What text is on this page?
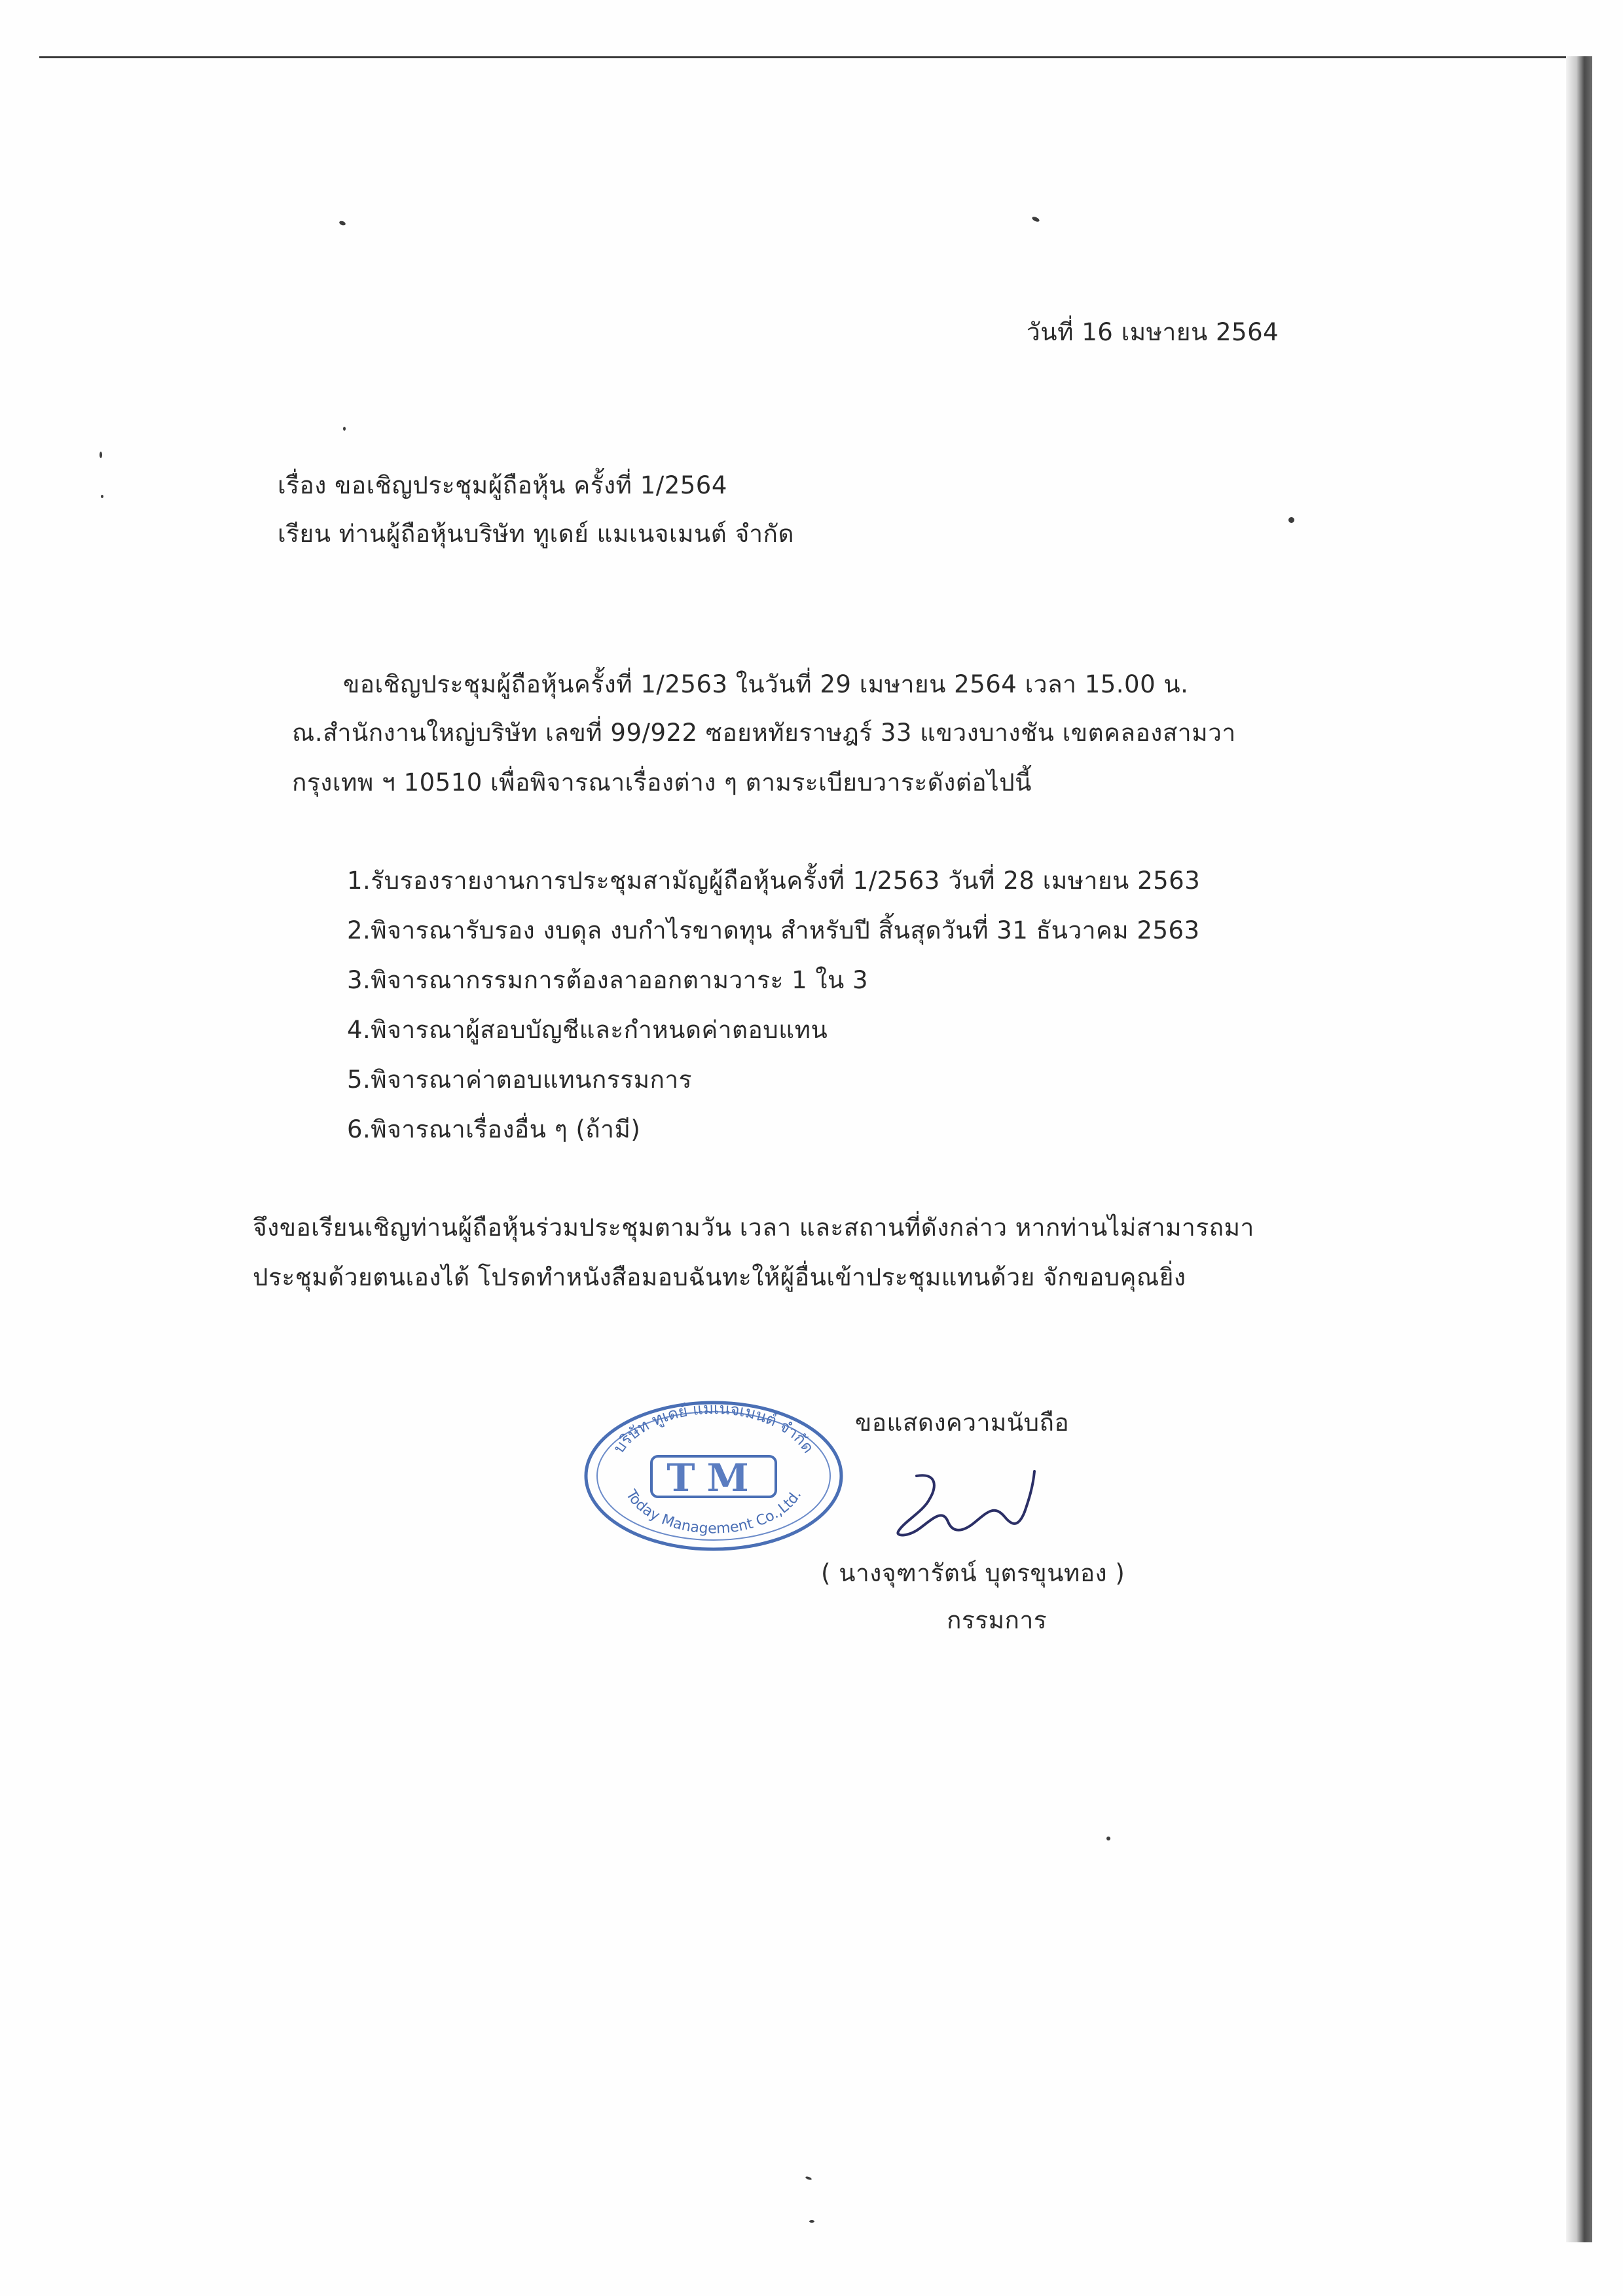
วันที่ 16 เมษายน 2564
เรื่อง ขอเชิญประชุมผู้ถือหุ้น ครั้งที่ 1/2564
เรียน ท่านผู้ถือหุ้นบริษัท ทูเดย์ แมเนจเมนต์ จำกัด
ขอเชิญประชุมผู้ถือหุ้นครั้งที่ 1/2563 ในวันที่ 29 เมษายน 2564 เวลา 15.00 น.
ณ.สำนักงานใหญ่บริษัท เลขที่ 99/922 ซอยหทัยราษฎร์ 33 แขวงบางชัน เขตคลองสามวา
กรุงเทพ ฯ 10510 เพื่อพิจารณาเรื่องต่าง ๆ ตามระเบียบวาระดังต่อไปนี้
1.รับรองรายงานการประชุมสามัญผู้ถือหุ้นครั้งที่ 1/2563 วันที่ 28 เมษายน 2563
2.พิจารณารับรอง งบดุล งบกำไรขาดทุน สำหรับปี สิ้นสุดวันที่ 31 ธันวาคม 2563
3.พิจารณากรรมการต้องลาออกตามวาระ 1 ใน 3
4.พิจารณาผู้สอบบัญชีและกำหนดค่าตอบแทน
5.พิจารณาค่าตอบแทนกรรมการ
6.พิจารณาเรื่องอื่น ๆ (ถ้ามี)
จึงขอเรียนเชิญท่านผู้ถือหุ้นร่วมประชุมตามวัน เวลา และสถานที่ดังกล่าว หากท่านไม่สามารถมา
ประชุมด้วยตนเองได้ โปรดทำหนังสือมอบฉันทะให้ผู้อื่นเข้าประชุมแทนด้วย จักขอบคุณยิ่ง
บริษัท ทูเดย์ แมเนจเมนต์ จำกัด
TM
Today Management Co.,Ltd.
ขอแสดงความนับถือ
( นางจุฑารัตน์ บุตรขุนทอง )
กรรมการ
